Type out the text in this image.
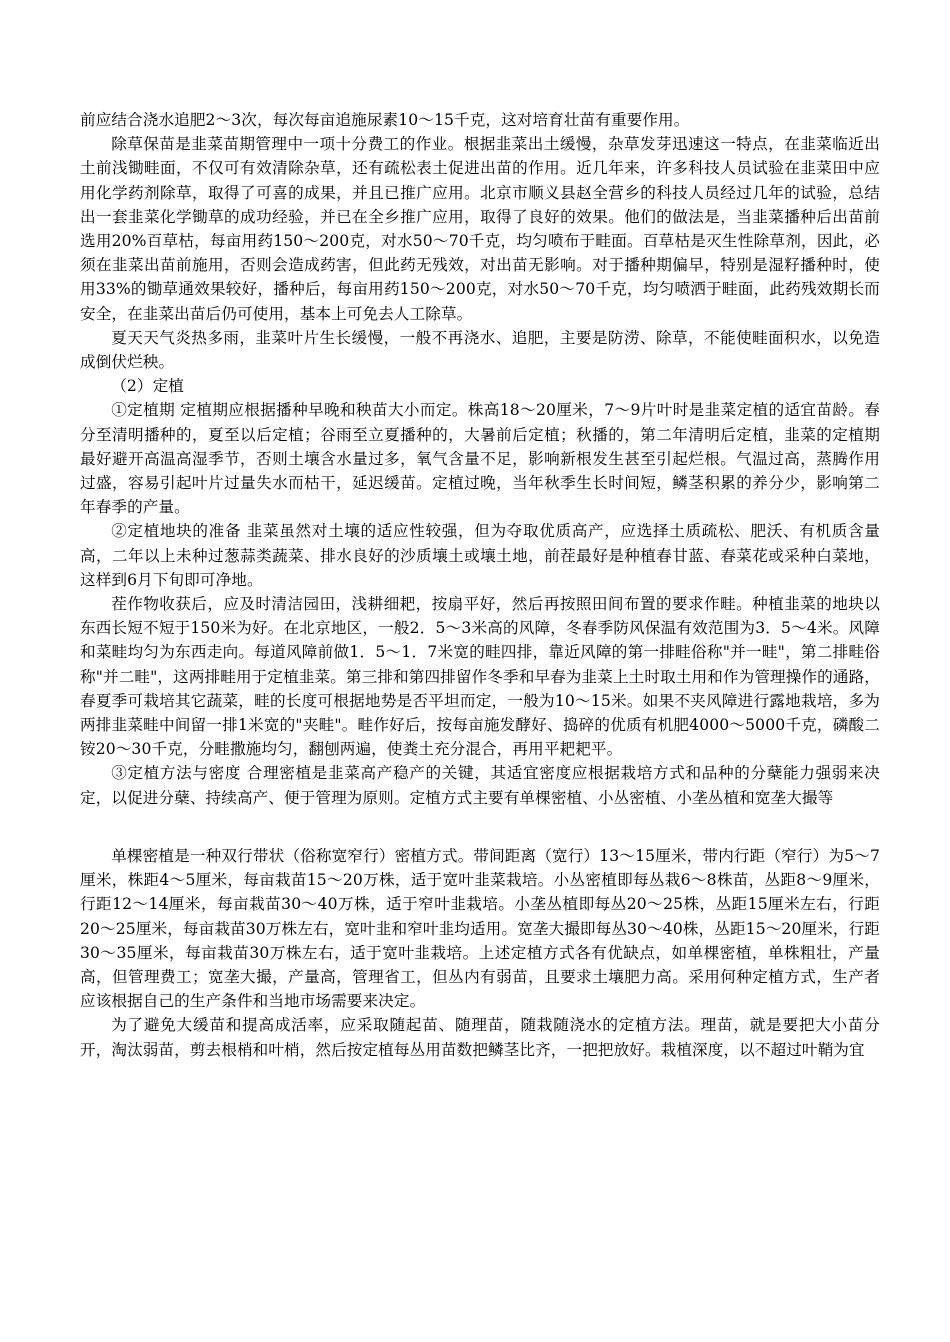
前应结合浇水追肥2～3次，每次每亩追施尿素10～15千克，这对培育壮苗有重要作用。

除草保苗是韭菜苗期管理中一项十分费工的作业。根据韭菜出土缓慢，杂草发芽迅速这一特点，在韭菜临近出土前浅锄畦面，不仅可有效清除杂草，还有疏松表土促进出苗的作用。近几年来，许多科技人员试验在韭菜田中应用化学药剂除草，取得了可喜的成果，并且已推广应用。北京市顺义县赵全营乡的科技人员经过几年的试验，总结出一套韭菜化学锄草的成功经验，并已在全乡推广应用，取得了良好的效果。他们的做法是，当韭菜播种后出苗前选用20%百草枯，每亩用药150～200克，对水50～70千克，均匀喷布于畦面。百草枯是灭生性除草剂，因此，必须在韭菜出苗前施用，否则会造成药害，但此药无残效，对出苗无影响。对于播种期偏早，特别是湿籽播种时，使用33%的锄草通效果较好，播种后，每亩用药150～200克，对水50～70千克，均匀喷洒于畦面，此药残效期长而安全，在韭菜出苗后仍可使用，基本上可免去人工除草。

夏天天气炎热多雨，韭菜叶片生长缓慢，一般不再浇水、追肥，主要是防涝、除草，不能使畦面积水，以免造成倒伏烂秧。

（2）定植

①定植期 定植期应根据播种早晚和秧苗大小而定。株高18～20厘米，7～9片叶时是韭菜定植的适宜苗龄。春分至清明播种的，夏至以后定植；谷雨至立夏播种的，大暑前后定植；秋播的，第二年清明后定植，韭菜的定植期最好避开高温高湿季节，否则土壤含水量过多，氧气含量不足，影响新根发生甚至引起烂根。气温过高，蒸腾作用过盛，容易引起叶片过量失水而枯干，延迟缓苗。定植过晚，当年秋季生长时间短，鳞茎积累的养分少，影响第二年春季的产量。

②定植地块的准备 韭菜虽然对土壤的适应性较强，但为夺取优质高产，应选择土质疏松、肥沃、有机质含量高，二年以上未种过葱蒜类蔬菜、排水良好的沙质壤土或壤土地，前茬最好是种植春甘蓝、春菜花或采种白菜地，这样到6月下旬即可净地。

茬作物收获后，应及时清洁园田，浅耕细耙，按扇平好，然后再按照田间布置的要求作畦。种植韭菜的地块以东西长短不短于150米为好。在北京地区，一般2．5～3米高的风障，冬春季防风保温有效范围为3．5～4米。风障和菜畦均匀为东西走向。每道风障前做1．5～1．7米宽的畦四排，靠近风障的第一排畦俗称"并一畦"，第二排畦俗称"并二畦"，这两排畦用于定植韭菜。第三排和第四排留作冬季和早春为韭菜上土时取土用和作为管理操作的通路，春夏季可栽培其它蔬菜，畦的长度可根据地势是否平坦而定，一般为10～15米。如果不夹风障进行露地栽培，多为两排韭菜畦中间留一排1米宽的"夹畦"。畦作好后，按每亩施发酵好、捣碎的优质有机肥4000～5000千克，磷酸二铵20～30千克，分畦撒施均匀，翻刨两遍，使粪土充分混合，再用平耙耙平。

③定植方法与密度 合理密植是韭菜高产稳产的关键，其适宜密度应根据栽培方式和品种的分蘖能力强弱来决定，以促进分蘖、持续高产、便于管理为原则。定植方式主要有单棵密植、小丛密植、小垄丛植和宽垄大撮等

单棵密植是一种双行带状（俗称宽窄行）密植方式。带间距离（宽行）13～15厘米，带内行距（窄行）为5～7厘米，株距4～5厘米，每亩栽苗15～20万株，适于宽叶韭菜栽培。小丛密植即每丛栽6～8株苗，丛距8～9厘米，行距12～14厘米，每亩栽苗30～40万株，适于窄叶韭栽培。小垄丛植即每丛20～25株，丛距15厘米左右，行距20～25厘米，每亩栽苗30万株左右，宽叶韭和窄叶韭均适用。宽垄大撮即每丛30～40株，丛距15～20厘米，行距30～35厘米，每亩栽苗30万株左右，适于宽叶韭栽培。上述定植方式各有优缺点，如单棵密植，单株粗壮，产量高，但管理费工；宽垄大撮，产量高，管理省工，但丛内有弱苗，且要求土壤肥力高。采用何种定植方式，生产者应该根据自己的生产条件和当地市场需要来决定。

为了避免大缓苗和提高成活率，应采取随起苗、随理苗，随栽随浇水的定植方法。理苗，就是要把大小苗分开，淘汰弱苗，剪去根梢和叶梢，然后按定植每丛用苗数把鳞茎比齐，一把把放好。栽植深度，以不超过叶鞘为宜
